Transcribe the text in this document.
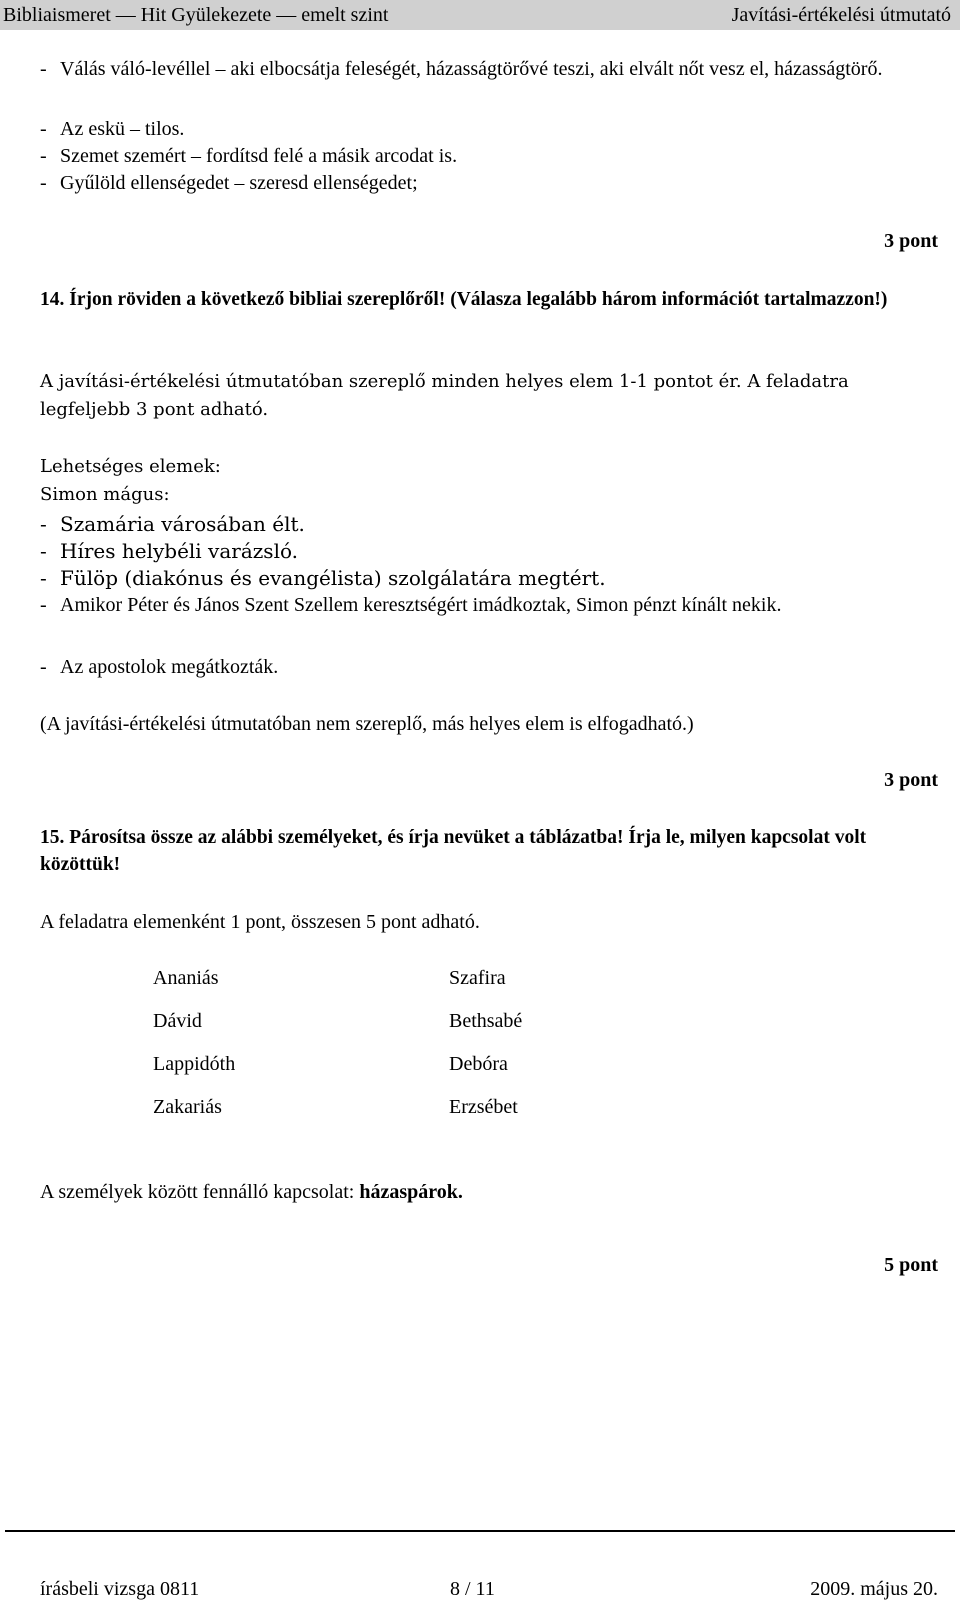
Bibliaismeret — Hit Gyülekezete — emelt szint	Javítási-értékelési útmutató
- Válás váló-levéllel – aki elbocsátja feleségét, házasságtörővé teszi, aki elvált nőt vesz el, házasságtörő.
- Az eskü – tilos.
- Szemet szemért – fordítsd felé a másik arcodat is.
- Gyűlöld ellenségedet – szeresd ellenségedet;
3 pont
14. Írjon röviden a következő bibliai szereplőről! (Válasza legalább három információt tartalmazzon!)
A javítási-értékelési útmutatóban szereplő minden helyes elem 1-1 pontot ér. A feladatra
legfeljebb 3 pont adható.
Lehetséges elemek:
Simon mágus:
- Szamária városában élt.
- Híres helybéli varázsló.
- Fülöp (diakónus és evangélista) szolgálatára megtért.
- Amikor Péter és János Szent Szellem keresztségért imádkoztak, Simon pénzt kínált nekik.
- Az apostolok megátkozták.
(A javítási-értékelési útmutatóban nem szereplő, más helyes elem is elfogadható.)
3 pont
15. Párosítsa össze az alábbi személyeket, és írja nevüket a táblázatba! Írja le, milyen kapcsolat volt közöttük!
A feladatra elemenként 1 pont, összesen 5 pont adható.
Ananiás	Szafira
Dávid	Bethsabé
Lappidóth	Debóra
Zakariás	Erzsébet
A személyek között fennálló kapcsolat: házaspárok.
5 pont
írásbeli vizsga 0811	8 / 11	2009. május 20.
